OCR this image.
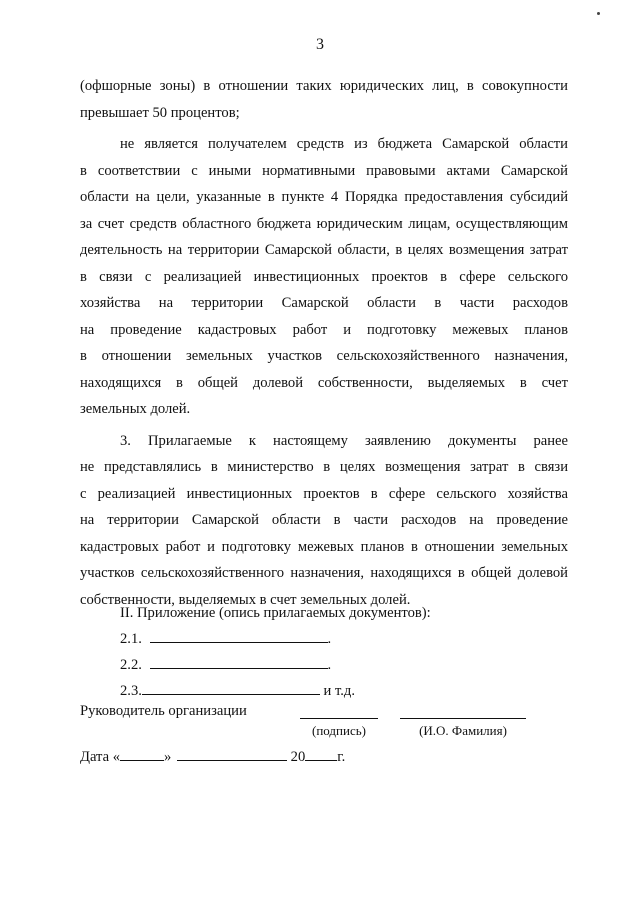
3
(офшорные зоны) в отношении таких юридических лиц, в совокупности
превышает 50 процентов;
не является получателем средств из бюджета Самарской области
в соответствии с иными нормативными правовыми актами Самарской
области на цели, указанные в пункте 4 Порядка предоставления субсидий
за счет средств областного бюджета юридическим лицам, осуществляющим
деятельность на территории Самарской области, в целях возмещения затрат
в связи с реализацией инвестиционных проектов в сфере сельского
хозяйства на территории Самарской области в части расходов
на проведение кадастровых работ и подготовку межевых планов
в отношении земельных участков сельскохозяйственного назначения,
находящихся в общей долевой собственности, выделяемых в счет
земельных долей.
3. Прилагаемые к настоящему заявлению документы ранее
не представлялись в министерство в целях возмещения затрат в связи
с реализацией инвестиционных проектов в сфере сельского хозяйства
на территории Самарской области в части расходов на проведение
кадастровых работ и подготовку межевых планов в отношении земельных
участков сельскохозяйственного назначения, находящихся в общей долевой
собственности, выделяемых в счет земельных долей.
II. Приложение (опись прилагаемых документов):
2.1.	.
2.2.	.
2.3.	и т.д.
Руководитель организации
(подпись)	(И.О. Фамилия)
Дата «	»	20 г.
